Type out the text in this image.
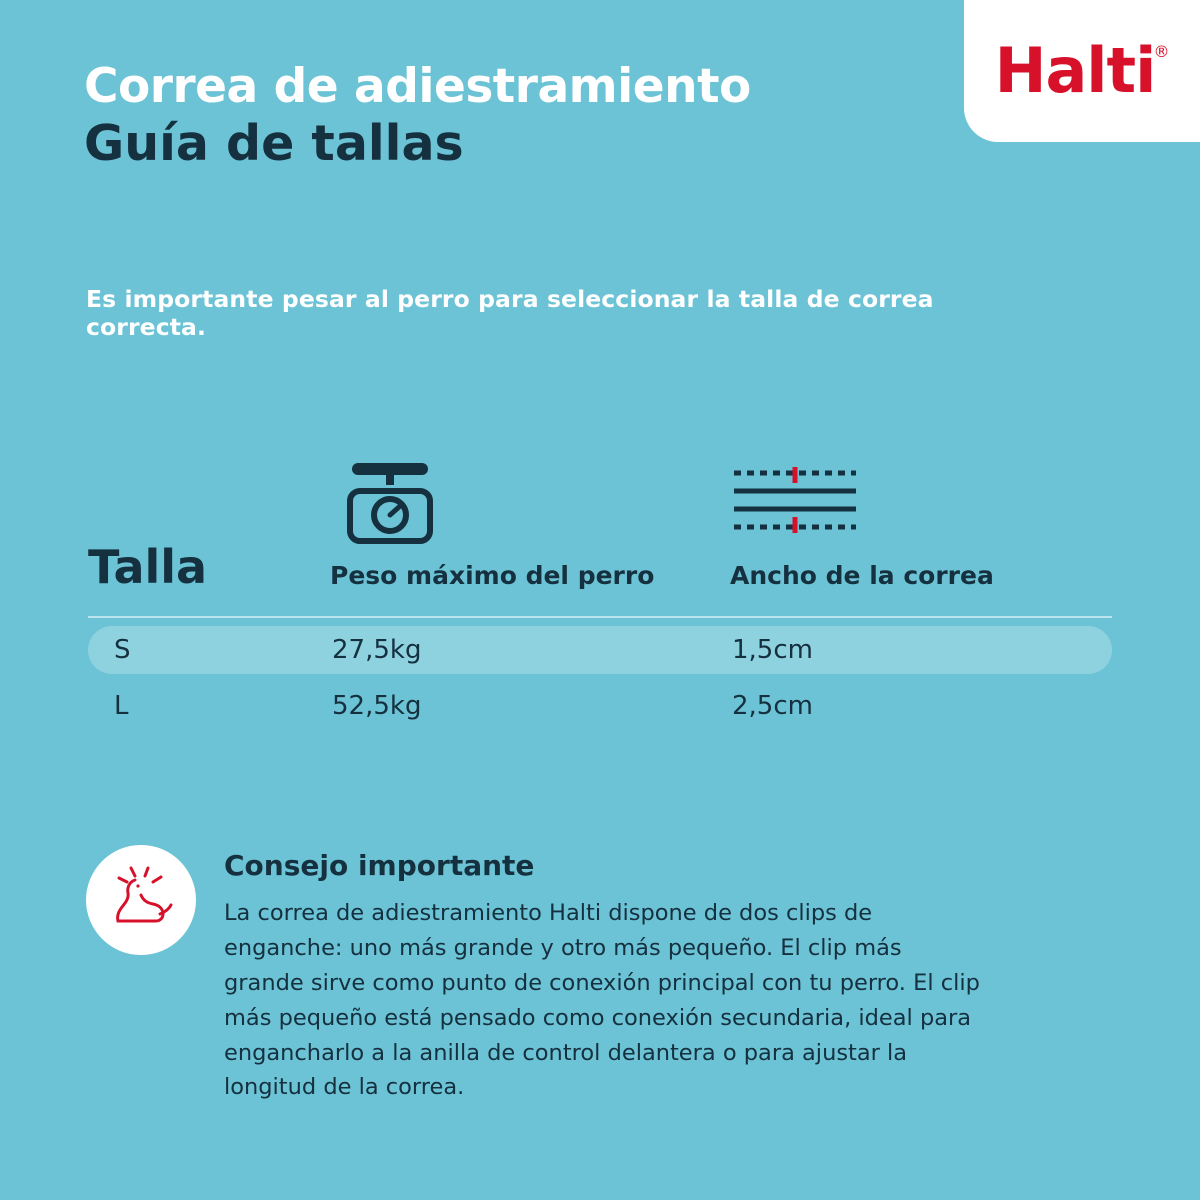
Halti
®
Correa de adiestramiento
Guía de tallas
Es importante pesar al perro para seleccionar la talla de correa correcta.
Talla	Peso máximo del perro	Ancho de la correa
S	27,5kg	1,5cm
L	52,5kg	2,5cm
Consejo importante
La correa de adiestramiento Halti dispone de dos clips de enganche: uno más grande y otro más pequeño. El clip más grande sirve como punto de conexión principal con tu perro. El clip más pequeño está pensado como conexión secundaria, ideal para engancharlo a la anilla de control delantera o para ajustar la longitud de la correa.
